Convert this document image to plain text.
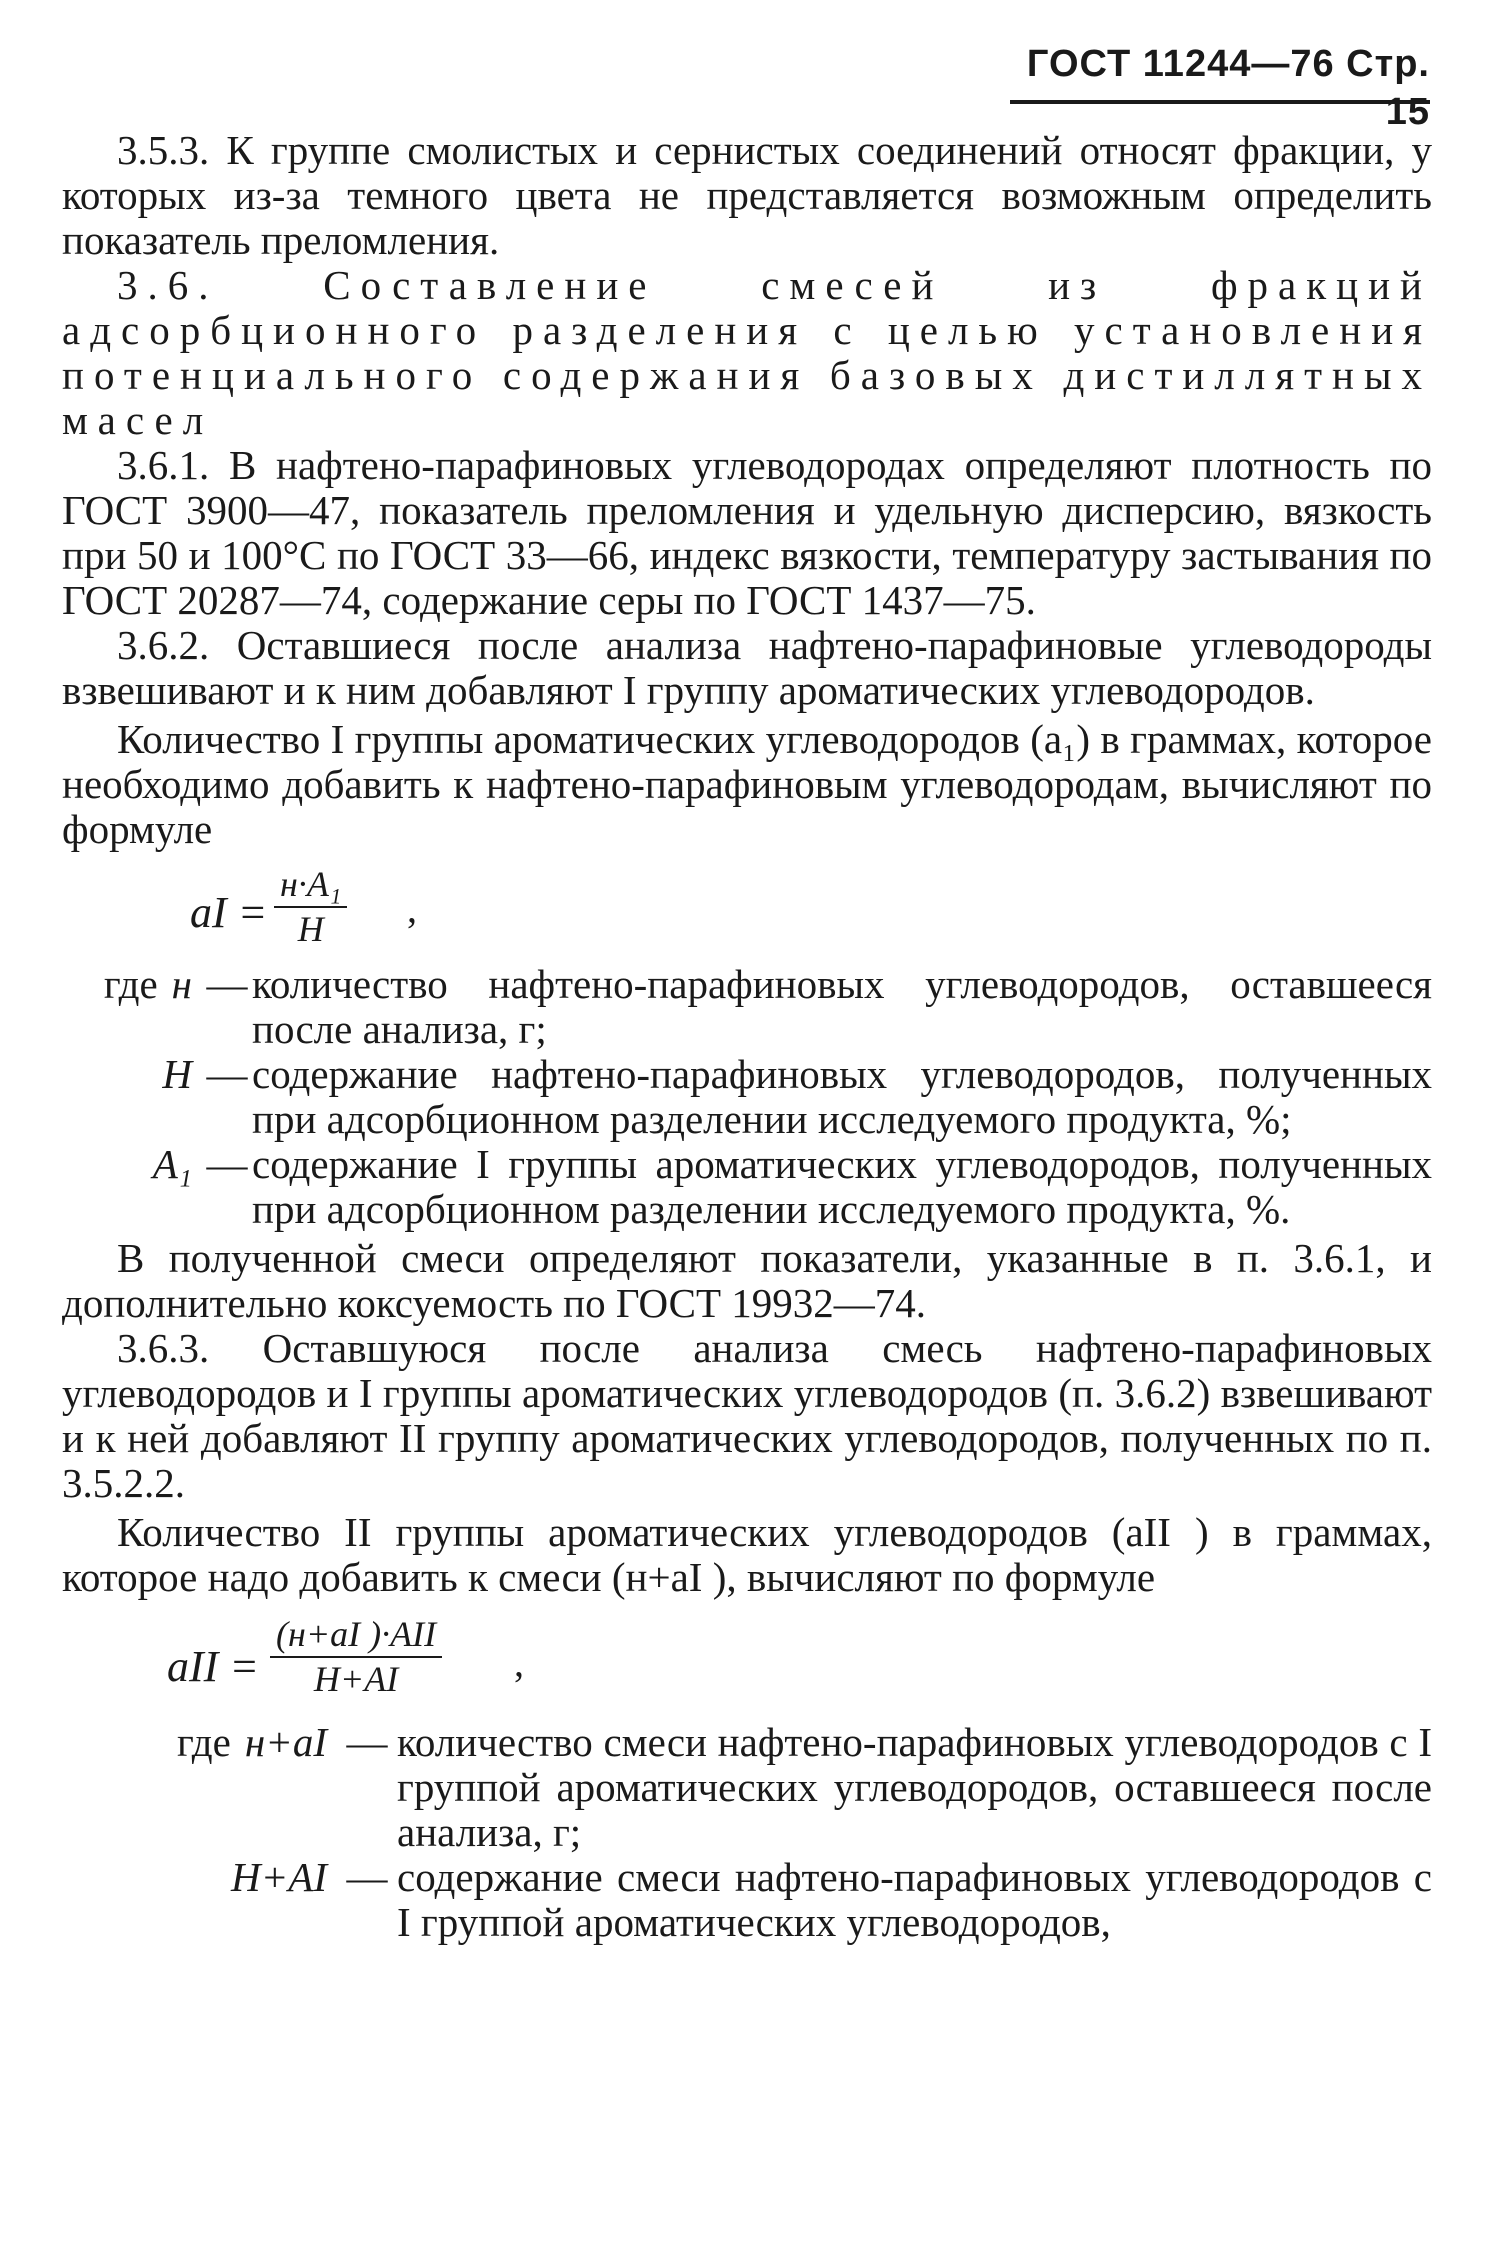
ГОСТ 11244—76 Стр. 15

3.5.3. К группе смолистых и сернистых соединений относят фракции, у которых из-за темного цвета не представляется возможным определить показатель преломления.

3.6. Составление смесей из фракций адсорбционного разделения с целью установления потенциального содержания базовых дистиллятных масел

3.6.1. В нафтено-парафиновых углеводородах определяют плотность по ГОСТ 3900—47, показатель преломления и удельную дисперсию, вязкость при 50 и 100°С по ГОСТ 33—66, индекс вязкости, температуру застывания по ГОСТ 20287—74, содержание серы по ГОСТ 1437—75.

3.6.2. Оставшиеся после анализа нафтено-парафиновые углеводороды взвешивают и к ним добавляют I группу ароматических углеводородов.

Количество I группы ароматических углеводородов (a₁) в граммах, которое необходимо добавить к нафтено-парафиновым углеводородам, вычисляют по формуле

aI =
н·A₁
Н	,
где н — количество нафтено-парафиновых углеводородов, оставшееся после анализа, г;
Н — содержание нафтено-парафиновых углеводородов, полученных при адсорбционном разделении исследуемого продукта, %;
A₁ — содержание I группы ароматических углеводородов, полученных при адсорбционном разделении исследуемого продукта, %.

В полученной смеси определяют показатели, указанные в п. 3.6.1, и дополнительно коксуемость по ГОСТ 19932—74.

3.6.3. Оставшуюся после анализа смесь нафтено-парафиновых углеводородов и I группы ароматических углеводородов (п. 3.6.2) взвешивают и к ней добавляют II группу ароматических углеводородов, полученных по п. 3.5.2.2.

Количество II группы ароматических углеводородов (aII ) в граммах, которое надо добавить к смеси (н+aI ), вычисляют по формуле

aII =
(н+aI )·AII
Н+AI	,
где н+aI — количество смеси нафтено-парафиновых углеводородов с I группой ароматических углеводородов, оставшееся после анализа, г;
Н+AI — содержание смеси нафтено-парафиновых углеводородов с I группой ароматических углеводородов,
